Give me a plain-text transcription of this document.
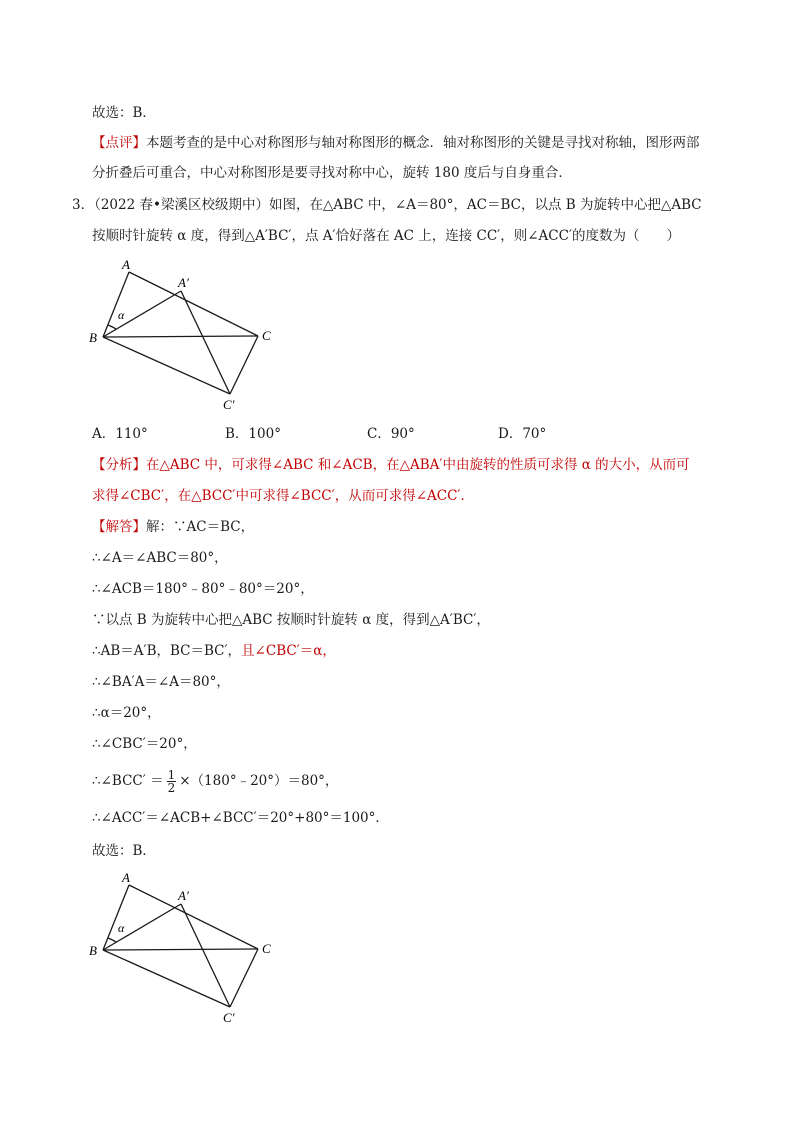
故选：B．
【点评】本题考查的是中心对称图形与轴对称图形的概念．轴对称图形的关键是寻找对称轴，图形两部
分折叠后可重合，中心对称图形是要寻找对称中心，旋转 180 度后与自身重合．
3．（2022 春•梁溪区校级期中）如图，在△ABC 中，∠A＝80°，AC＝BC，以点 B 为旋转中心把△ABC
按顺时针旋转 α 度，得到△A′BC′，点 A′恰好落在 AC 上，连接 CC′，则∠ACC′的度数为（　　）
A
A′
B	C
C′
α
A．110°	B．100°	C．90°	D．70°
【分析】在△ABC 中，可求得∠ABC 和∠ACB，在△ABA′中由旋转的性质可求得 α 的大小，从而可
求得∠CBC′，在△BCC′中可求得∠BCC′，从而可求得∠ACC′．
【解答】解：∵AC＝BC，
∴∠A＝∠ABC＝80°，
∴∠ACB＝180°﹣80°﹣80°＝20°，
∵以点 B 为旋转中心把△ABC 按顺时针旋转 α 度，得到△A′BC′，
∴AB＝A′B，BC＝BC′，且∠CBC′＝α，
∴∠BA′A＝∠A＝80°，
∴α＝20°，
∴∠CBC′＝20°，
∴∠BCC′ ＝ $\frac{1}{2}$ ×（180°﹣20°）＝80°，
∴∠ACC′＝∠ACB+∠BCC′＝20°+80°＝100°．
故选：B．
A
A′
B	C
C′
α
